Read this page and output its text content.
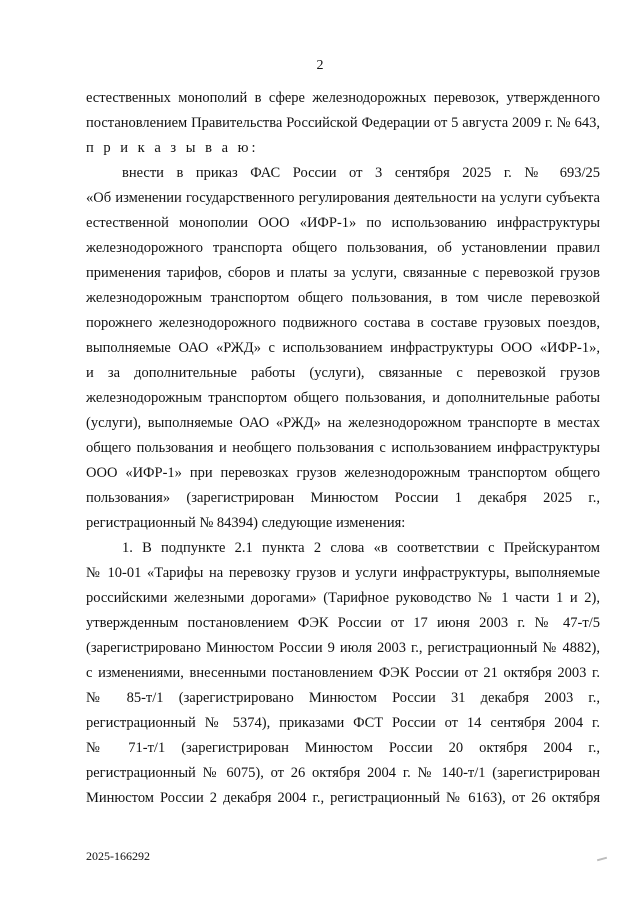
2
естественных монополий в сфере железнодорожных перевозок, утвержденного
постановлением Правительства Российской Федерации от 5 августа 2009 г. № 643,
п р и к а з ы в а ю:
внести в приказ ФАС России от 3 сентября 2025 г. № 693/25
«Об изменении государственного регулирования деятельности на услуги субъекта
естественной монополии ООО «ИФР-1» по использованию инфраструктуры
железнодорожного транспорта общего пользования, об установлении правил
применения тарифов, сборов и платы за услуги, связанные с перевозкой грузов
железнодорожным транспортом общего пользования, в том числе перевозкой
порожнего железнодорожного подвижного состава в составе грузовых поездов,
выполняемые ОАО «РЖД» с использованием инфраструктуры ООО «ИФР-1»,
и за дополнительные работы (услуги), связанные с перевозкой грузов
железнодорожным транспортом общего пользования, и дополнительные работы
(услуги), выполняемые ОАО «РЖД» на железнодорожном транспорте в местах
общего пользования и необщего пользования с использованием инфраструктуры
ООО «ИФР-1» при перевозках грузов железнодорожным транспортом общего
пользования» (зарегистрирован Минюстом России 1 декабря 2025 г.,
регистрационный № 84394) следующие изменения:
1. В подпункте 2.1 пункта 2 слова «в соответствии с Прейскурантом
№ 10-01 «Тарифы на перевозку грузов и услуги инфраструктуры, выполняемые
российскими железными дорогами» (Тарифное руководство № 1 части 1 и 2),
утвержденным постановлением ФЭК России от 17 июня 2003 г. № 47-т/5
(зарегистрировано Минюстом России 9 июля 2003 г., регистрационный № 4882),
с изменениями, внесенными постановлением ФЭК России от 21 октября 2003 г.
№ 85-т/1 (зарегистрировано Минюстом России 31 декабря 2003 г.,
регистрационный № 5374), приказами ФСТ России от 14 сентября 2004 г.
№ 71-т/1 (зарегистрирован Минюстом России 20 октября 2004 г.,
регистрационный № 6075), от 26 октября 2004 г. № 140-т/1 (зарегистрирован
Минюстом России 2 декабря 2004 г., регистрационный № 6163), от 26 октября
2025-166292
